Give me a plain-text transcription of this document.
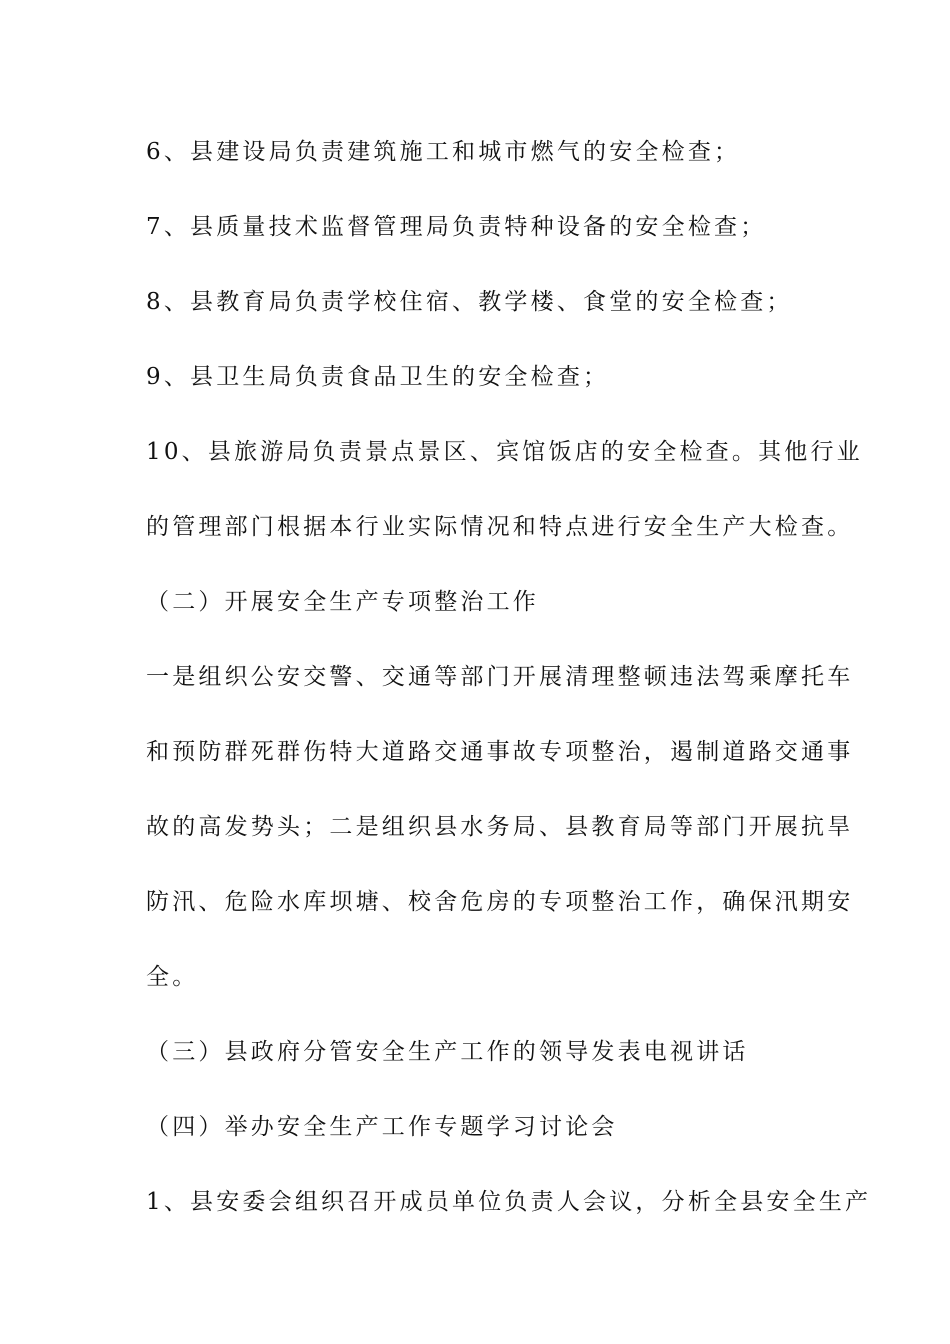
6、县建设局负责建筑施工和城市燃气的安全检查；
7、县质量技术监督管理局负责特种设备的安全检查；
8、县教育局负责学校住宿、教学楼、食堂的安全检查；
9、县卫生局负责食品卫生的安全检查；
10、县旅游局负责景点景区、宾馆饭店的安全检查。其他行业
的管理部门根据本行业实际情况和特点进行安全生产大检查。
（二）开展安全生产专项整治工作
一是组织公安交警、交通等部门开展清理整顿违法驾乘摩托车
和预防群死群伤特大道路交通事故专项整治，遏制道路交通事
故的高发势头；二是组织县水务局、县教育局等部门开展抗旱
防汛、危险水库坝塘、校舍危房的专项整治工作，确保汛期安
全。
（三）县政府分管安全生产工作的领导发表电视讲话
（四）举办安全生产工作专题学习讨论会
1、县安委会组织召开成员单位负责人会议，分析全县安全生产
